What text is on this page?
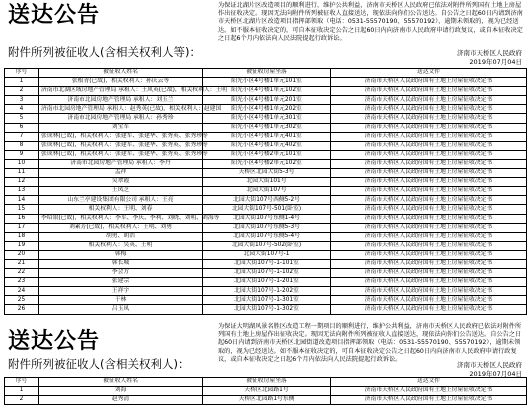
送达公告	为保证北湖片区改造项目的顺利进行，维护公共利益，济南市天桥区人民政府已依法对附件所列国有土地上房屋作出征收决定。现因无法向附件所列被征收人直接送达，现依法向你们公告送达。自公告之日起60日内请到济南市天桥区北湖片区改造项目指挥部领取（电话：0531-55570190、55570192），逾期未领取的，视为已经送达。如不服本征收决定的，可自本征收决定公告之日起60日内向济南市人民政府申请行政复议，或自本征收决定之日起6个月内依法向人民法院提起行政诉讼。
附件所列被征收人(含相关权利人等)：	济南市天桥区人民政府
2019年07月04日
序号	被征收人姓名	被征收房屋坐落	送达文件
1	张根青(已故)，相关权利人：孙庆云等	阳光小区4号楼1单元101室	济南市天桥区人民政府国有土地上房屋征收决定书
2	济南市北湖区域房地产管理局 承租人：王凤英(已故)，相关权利人：王明	阳光小区4号楼1单元102室	济南市天桥区人民政府国有土地上房屋征收决定书
3	济南市北园房地产管理局 承租人：刘玉兰	阳光小区4号楼1单元201室	济南市天桥区人民政府国有土地上房屋征收决定书
4	济南市北园房地产管理局 承租人：赵秀英(已故)，相关权利人：赵建国	阳光小区4号楼1单元202室	济南市天桥区人民政府国有土地上房屋征收决定书
5	济南市北园房地产管理局 承租人：孙秀珍	阳光小区4号楼1单元301室	济南市天桥区人民政府国有土地上房屋征收决定书
6	刘宝军	阳光小区4号楼1单元302室	济南市天桥区人民政府国有土地上房屋征收决定书
7	张成林(已故)，相关权利人：张建军、张建华、张秀英、张秀珍等	阳光小区4号楼1单元401室	济南市天桥区人民政府国有土地上房屋征收决定书
8	张成林(已故)，相关权利人：张建军、张建华、张秀英、张秀珍等	阳光小区4号楼1单元402室	济南市天桥区人民政府国有土地上房屋征收决定书
9	张成林(已故)，相关权利人：张建军、张建华、张秀英、张秀珍等	阳光小区4号楼2单元101室	济南市天桥区人民政府国有土地上房屋征收决定书
10	济南市北园房地产管理局 承租人：李丹	阳光小区4号楼2单元102室	济南市天桥区人民政府国有土地上房屋征收决定书
11	孟祥	天桥区北园大街5-3号	济南市天桥区人民政府国有土地上房屋征收决定书
12	吴翠霞	北园大街101号	济南市天桥区人民政府国有土地上房屋征收决定书
13	王凤芝	北园大街107号	济南市天桥区人民政府国有土地上房屋征收决定书
14	山东兰亭建设集团有限公司 承租人：王亮	北园大街107号西侧5-2号	济南市天桥区人民政府国有土地上房屋征收决定书
15	相关权利人：王明、刘春	北园大街107号-501(卧室)	济南市天桥区人民政府国有土地上房屋征收决定书
16	李绍银(已故)，相关权利人：李军、李庆、李利、刘晓、刘明、刘海等	北园大街107号东侧1-4号	济南市天桥区人民政府国有土地上房屋征收决定书
17	刘素芳(已故)，相关权利人：王明、刘勇	北园大街107号东侧5-3号	济南市天桥区人民政府国有土地上房屋征收决定书
18	胡勇、胡浩	北园大街107号东侧5-4号	济南市天桥区人民政府国有土地上房屋征收决定书
19	相关权利人：吴英、王明	北园大街107号-502(卧室)	济南市天桥区人民政府国有土地上房屋征收决定书
20	韩梅	北园大街107号-1	济南市天桥区人民政府国有土地上房屋征收决定书
21	韩长城	北园大街107号-1-101室	济南市天桥区人民政府国有土地上房屋征收决定书
22	李会方	北园大街107号-1-102室	济南市天桥区人民政府国有土地上房屋征收决定书
23	张建宗	北园大街107号-1-201室	济南市天桥区人民政府国有土地上房屋征收决定书
24	王祥宇	北园大街107号-1-202室	济南市天桥区人民政府国有土地上房屋征收决定书
25	于林	北园大街107号-1-301室	济南市天桥区人民政府国有土地上房屋征收决定书
26	吕玉凤	北园大街107号-1-302室	济南市天桥区人民政府国有土地上房屋征收决定书
为保证大明湖风景名胜区改造工程一期项目的顺利进行，维护公共利益，济南市天桥区人民政府已依法对附件所列国有土地上房屋作出征收决定。现因无法向附件所列被征收人直接送达，现依法向你们公告送达。自公告之日起60日内请到济南市天桥区北园街道改造项目指挥部领取（电话：0531-55570190、55570192），逾期未领取的，视为已经送达。如不服本征收决定的，可自本征收决定公告之日起60日内向济南市人民政府申请行政复议，或自本征收决定之日起6个月内依法向人民法院提起行政诉讼。
送达公告
附件所列被征收人(含相关权利人)：	济南市天桥区人民政府
2019年07月04日
序号	被征收人姓名	被征收房屋坐落	送达文件
1	刘海	天桥区北园路1号	济南市天桥区人民政府国有土地上房屋征收决定书
2	赵秀清	天桥区北园路1号东侧	济南市天桥区人民政府国有土地上房屋征收决定书
